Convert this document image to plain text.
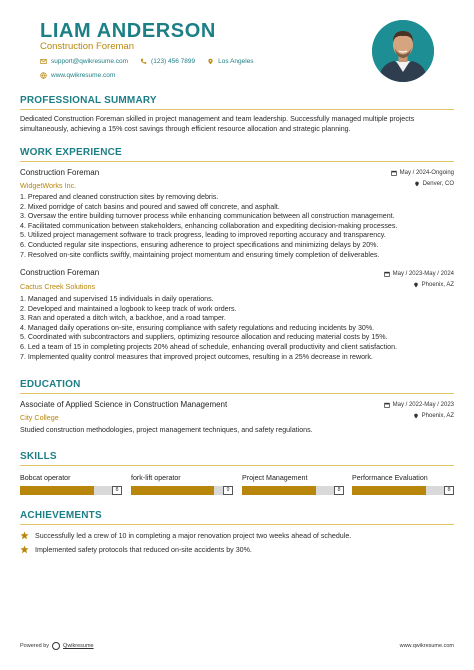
LIAM ANDERSON
Construction Foreman
support@qwikresume.com	(123) 456 7899	Los Angeles
www.qwikresume.com
PROFESSIONAL SUMMARY
Dedicated Construction Foreman skilled in project management and team leadership. Successfully managed multiple projects simultaneously, achieving a 15% cost savings through efficient resource allocation and strategic planning.
WORK EXPERIENCE
Construction Foreman	May / 2024-Ongoing
WidgetWorks Inc.	Denver, CO
1. Prepared and cleaned construction sites by removing debris.
2. Mixed porridge of catch basins and poured and sawed off concrete, and asphalt.
3. Oversaw the entire building turnover process while enhancing communication between all construction management.
4. Facilitated communication between stakeholders, enhancing collaboration and expediting decision-making processes.
5. Utilized project management software to track progress, leading to improved reporting accuracy and transparency.
6. Conducted regular site inspections, ensuring adherence to project specifications and minimizing delays by 20%.
7. Resolved on-site conflicts swiftly, maintaining project momentum and ensuring timely completion of deliverables.
Construction Foreman	May / 2023-May / 2024
Cactus Creek Solutions	Phoenix, AZ
1. Managed and supervised 15 individuals in daily operations.
2. Developed and maintained a logbook to keep track of work orders.
3. Ran and operated a ditch witch, a backhoe, and a road tamper.
4. Managed daily operations on-site, ensuring compliance with safety regulations and reducing incidents by 30%.
5. Coordinated with subcontractors and suppliers, optimizing resource allocation and reducing material costs by 15%.
6. Led a team of 15 in completing projects 20% ahead of schedule, enhancing overall productivity and client satisfaction.
7. Implemented quality control measures that improved project outcomes, resulting in a 25% decrease in rework.
EDUCATION
Associate of Applied Science in Construction Management	May / 2022-May / 2023
City College	Phoenix, AZ
Studied construction methodologies, project management techniques, and safety regulations.
SKILLS
Bobcat operator
8
fork-lift operator
9
Project Management
8
Performance Evaluation
8
ACHIEVEMENTS
Successfully led a crew of 10 in completing a major renovation project two weeks ahead of schedule.
Implemented safety protocols that reduced on-site accidents by 30%.
Powered by	Qwikresume	www.qwikresume.com
